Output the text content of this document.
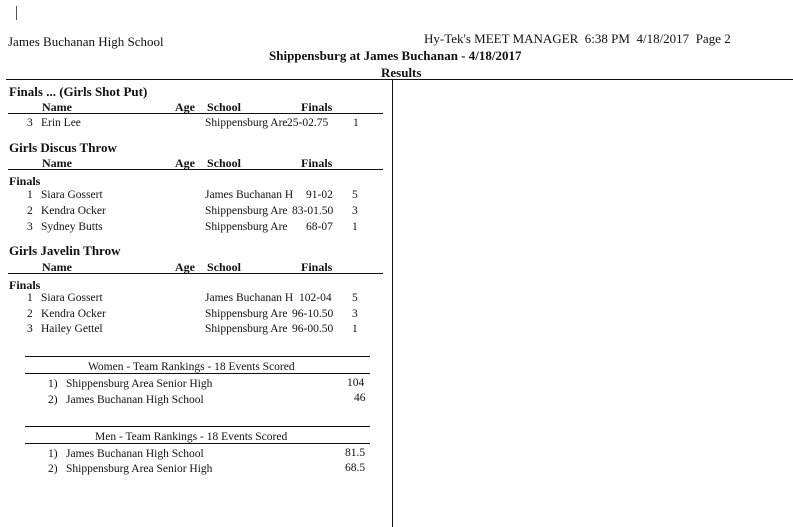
James Buchanan High School	Hy-Tek's MEET MANAGER 6:38 PM 4/18/2017 Page 2
Shippensburg at James Buchanan - 4/18/2017
Results
Finals ... (Girls Shot Put)
Name	Age School	Finals
3 Erin Lee	Shippensburg Are 25-02.75 1
Girls Discus Throw
Name	Age School	Finals
Finals
1 Siara Gossert	James Buchanan H 91-02 5
2 Kendra Ocker	Shippensburg Are 83-01.50 3
3 Sydney Butts	Shippensburg Are 68-07 1
Girls Javelin Throw
Name	Age School	Finals
Finals
1 Siara Gossert	James Buchanan H 102-04 5
2 Kendra Ocker	Shippensburg Are 96-10.50 3
3 Hailey Gettel	Shippensburg Are 96-00.50 1
Women - Team Rankings - 18 Events Scored
1) Shippensburg Area Senior High	104
2) James Buchanan High School	46
Men - Team Rankings - 18 Events Scored
1) James Buchanan High School	81.5
2) Shippensburg Area Senior High	68.5
